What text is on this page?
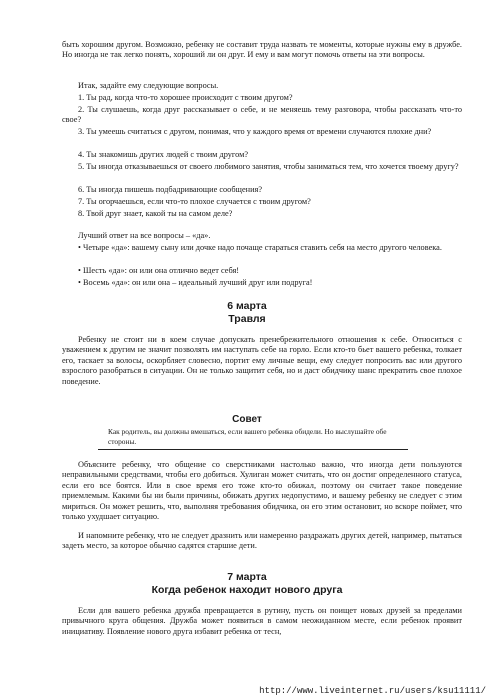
быть хорошим другом. Возможно, ребенку не составит труда назвать те моменты, которые нужны ему в дружбе. Но иногда не так легко понять, хороший ли он друг. И ему и вам могут помочь ответы на эти вопросы.

Итак, задайте ему следующие вопросы.

1. Ты рад, когда что-то хорошее происходит с твоим другом?

2. Ты слушаешь, когда друг рассказывает о себе, и не меняешь тему разговора, чтобы рассказать что-то свое?

3. Ты умеешь считаться с другом, понимая, что у каждого время от времени случаются плохие дни?

4. Ты знакомишь других людей с твоим другом?

5. Ты иногда отказываешься от своего любимого занятия, чтобы заниматься тем, что хочется твоему другу?

6. Ты иногда пишешь подбадривающие сообщения?

7. Ты огорчаешься, если что-то плохое случается с твоим другом?

8. Твой друг знает, какой ты на самом деле?

Лучший ответ на все вопросы – «да».

• Четыре «да»: вашему сыну или дочке надо почаще стараться ставить себя на место другого человека.

• Шесть «да»: он или она отлично ведет себя!

• Восемь «да»: он или она – идеальный лучший друг или подруга!

6 марта

Травля

Ребенку не стоит ни в коем случае допускать пренебрежительного отношения к себе. Относиться с уважением к другим не значит позволять им наступать себе на горло. Если кто-то бьет вашего ребенка, толкает его, таскает за волосы, оскорбляет словесно, портит ему личные вещи, ему следует попросить вас или другого взрослого разобраться в ситуации. Он не только защитит себя, но и даст обидчику шанс прекратить свое плохое поведение.

Совет

Как родитель, вы должны вмешаться, если вашего ребенка обидели. Но выслушайте обе стороны.

Объясните ребенку, что общение со сверстниками настолько важно, что иногда дети пользуются неправильными средствами, чтобы его добиться. Хулиган может считать, что он достиг определенного статуса, если его все боятся. Или в свое время его тоже кто-то обижал, поэтому он считает такое поведение приемлемым. Какими бы ни были причины, обижать других недопустимо, и вашему ребенку не следует с этим мириться. Он может решить, что, выполняя требования обидчика, он его этим остановит, но вскоре поймет, что только ухудшает ситуацию.

И напомните ребенку, что не следует дразнить или намеренно раздражать других детей, например, пытаться задеть место, за которое обычно садятся старшие дети.

7 марта

Когда ребенок находит нового друга

Если для вашего ребенка дружба превращается в рутину, пусть он поищет новых друзей за пределами привычного круга общения. Дружба может появиться в самом неожиданном месте, если ребенок проявит инициативу. Появление нового друга избавит ребенка от тесн,

http://www.liveinternet.ru/users/ksu11111/
